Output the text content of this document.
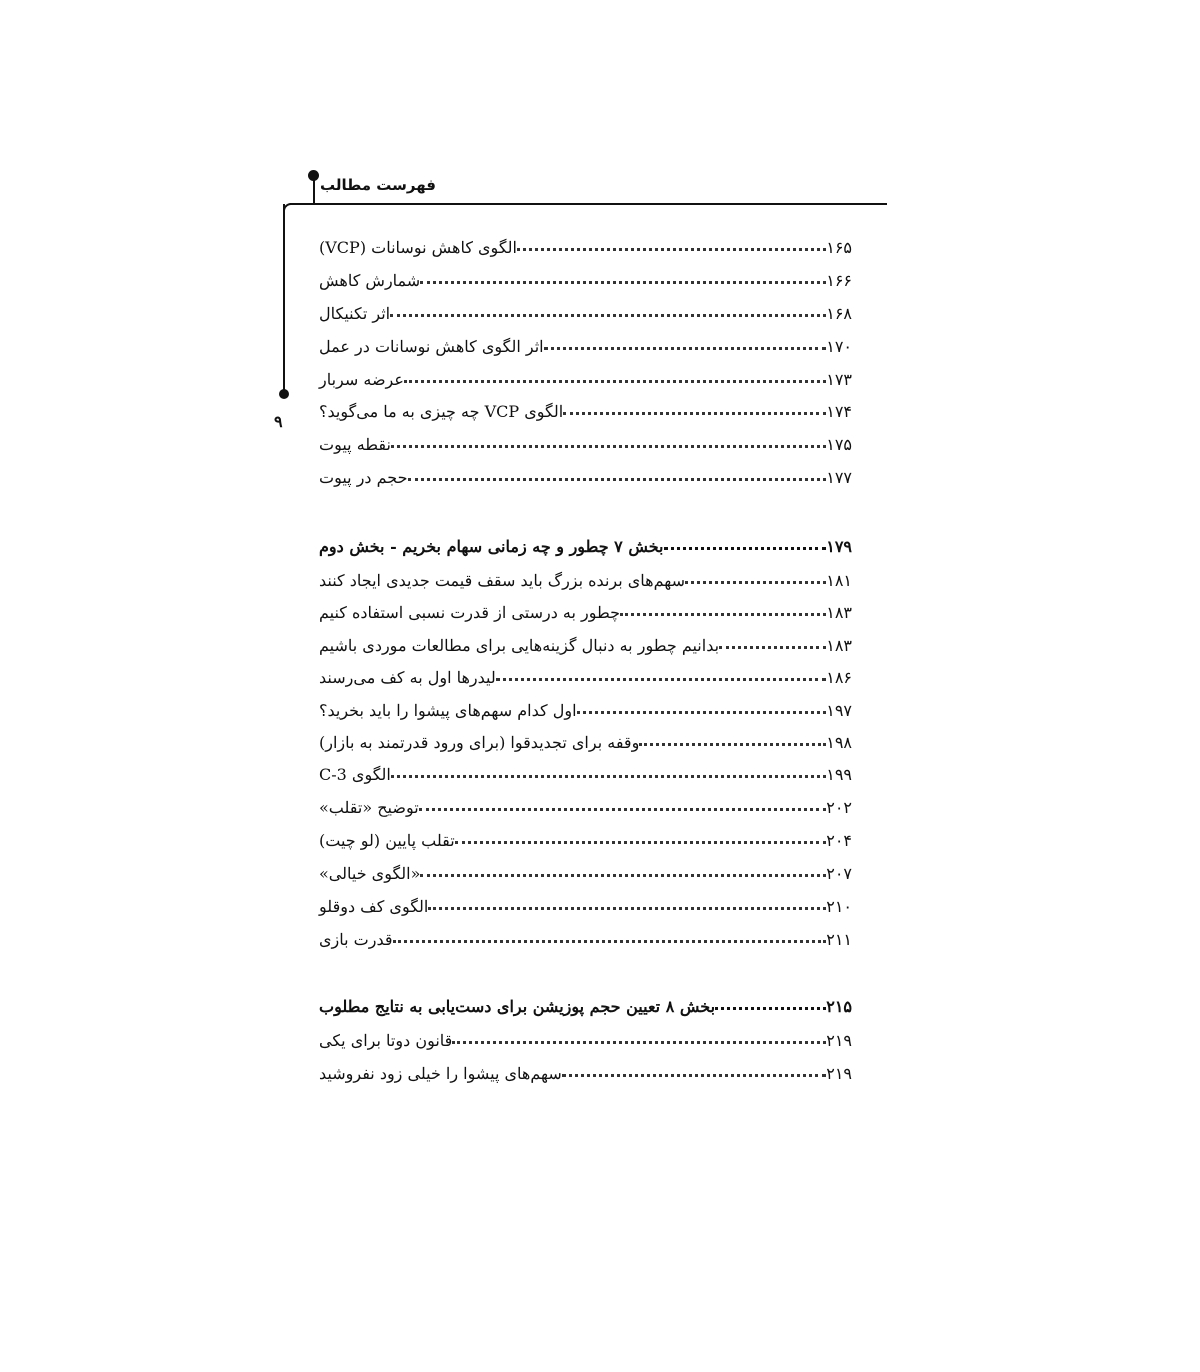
فهرست مطالب
۹
الگوی کاهش نوسانات (VCP)	۱۶۵
شمارش کاهش	۱۶۶
اثر تکنیکال	۱۶۸
اثر الگوی کاهش نوسانات در عمل	۱۷۰
عرضه سربار	۱۷۳
الگوی VCP چه چیزی به ما می‌گوید؟	۱۷۴
نقطه پیوت	۱۷۵
حجم در پیوت	۱۷۷
بخش ۷ چطور و چه زمانی سهام بخریم - بخش دوم	۱۷۹
سهم‌های برنده بزرگ باید سقف قیمت جدیدی ایجاد کنند	۱۸۱
چطور به درستی از قدرت نسبی استفاده کنیم	۱۸۳
بدانیم چطور به دنبال گزینه‌هایی برای مطالعات موردی باشیم	۱۸۳
لیدرها اول به کف می‌رسند	۱۸۶
اول کدام سهم‌های پیشوا را باید بخرید؟	۱۹۷
وقفه برای تجدیدقوا (برای ورود قدرتمند به بازار)	۱۹۸
الگوی 3-C	۱۹۹
توضیح «تقلب»	۲۰۲
تقلب پایین (لو چیت)	۲۰۴
«الگوی خیالی»	۲۰۷
الگوی کف دوقلو	۲۱۰
قدرت بازی	۲۱۱
بخش ۸ تعیین حجم پوزیشن برای دست‌یابی به نتایج مطلوب	۲۱۵
قانون دوتا برای یکی	۲۱۹
سهم‌های پیشوا را خیلی زود نفروشید	۲۱۹
